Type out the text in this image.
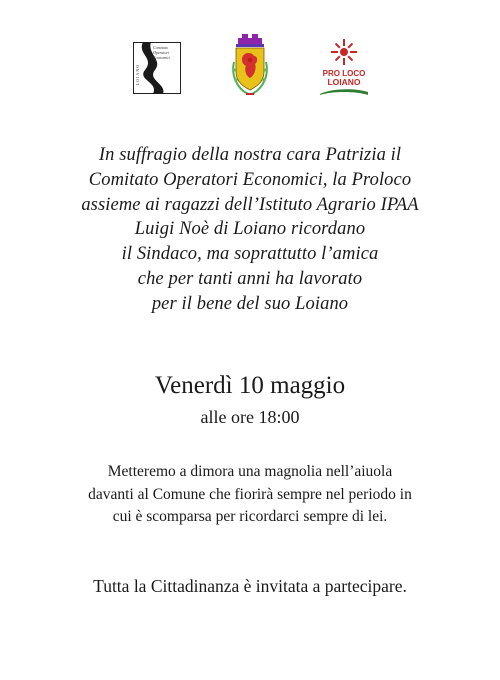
Comitato
Operatori
Economici
LOIANO	PRO LOCO
LOIANO
In suffragio della nostra cara Patrizia il
Comitato Operatori Economici, la Proloco
assieme ai ragazzi dell’Istituto Agrario IPAA
Luigi Noè di Loiano ricordano
il Sindaco, ma soprattutto l’amica
che per tanti anni ha lavorato
per il bene del suo Loiano
Venerdì 10 maggio
alle ore 18:00
Metteremo a dimora una magnolia nell’aiuola
davanti al Comune che fiorirà sempre nel periodo in
cui è scomparsa per ricordarci sempre di lei.
Tutta la Cittadinanza è invitata a partecipare.
